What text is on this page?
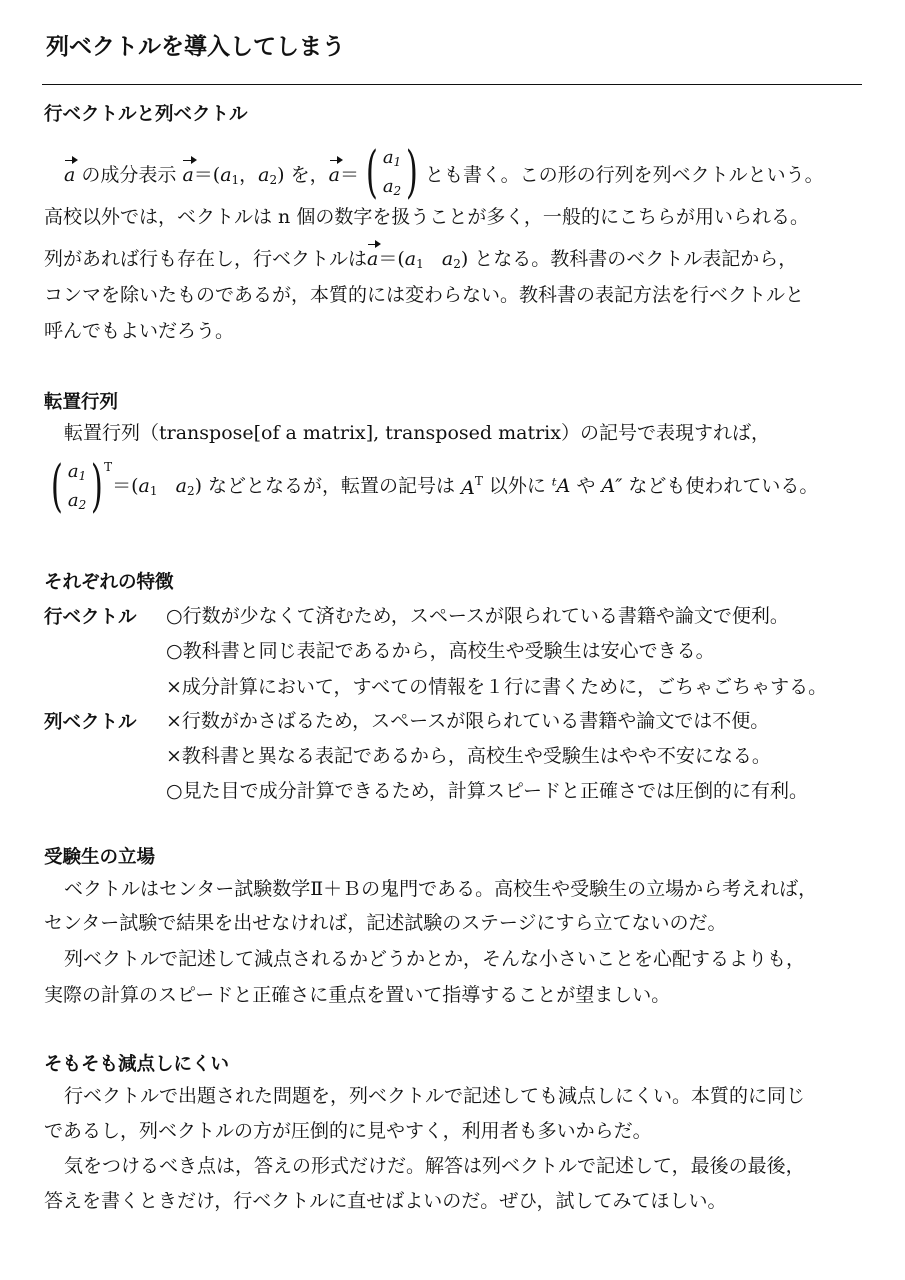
列ベクトルを導入してしまう
行ベクトルと列ベクトル
a
の成分表示
$a =(a_1$，$a_2$) を， a ＝ ( $a_1$
$a_2$ ) とも書く。この形の行列を列ベクトルという。
高校以外では，ベクトルは n 個の数字を扱うことが多く，一般的にこちらが用いられる。
列があれば行も存在し，行ベクトルは$a=(a_1$ $a_2$) となる。教科書のベクトル表記から，
コンマを除いたものであるが，本質的には変わらない。教科書の表記方法を行ベクトルと
呼んでもよいだろう。
転置行列
転置行列（transpose[of a matrix], transposed matrix）の記号で表現すれば，
( $a_1$
$a_2$ ) T
$=(a_1$ $a_2$) などとなるが，転置の記号は $A^T$ 以外に ᵗA や A″ なども使われている。
それぞれの特徴
行ベクトル ○行数が少なくて済むため，スペースが限られている書籍や論文で便利。
○教科書と同じ表記であるから，高校生や受験生は安心できる。
×成分計算において，すべての情報を１行に書くために，ごちゃごちゃする。
列ベクトル ×行数がかさばるため，スペースが限られている書籍や論文では不便。
×教科書と異なる表記であるから，高校生や受験生はやや不安になる。
○見た目で成分計算できるため，計算スピードと正確さでは圧倒的に有利。
受験生の立場
ベクトルはセンター試験数学Ⅱ＋Ｂの鬼門である。高校生や受験生の立場から考えれば，
センター試験で結果を出せなければ，記述試験のステージにすら立てないのだ。
列ベクトルで記述して減点されるかどうかとか，そんな小さいことを心配するよりも，
実際の計算のスピードと正確さに重点を置いて指導することが望ましい。
そもそも減点しにくい
行ベクトルで出題された問題を，列ベクトルで記述しても減点しにくい。本質的に同じ
であるし，列ベクトルの方が圧倒的に見やすく，利用者も多いからだ。
気をつけるべき点は，答えの形式だけだ。解答は列ベクトルで記述して，最後の最後，
答えを書くときだけ，行ベクトルに直せばよいのだ。ぜひ，試してみてほしい。
